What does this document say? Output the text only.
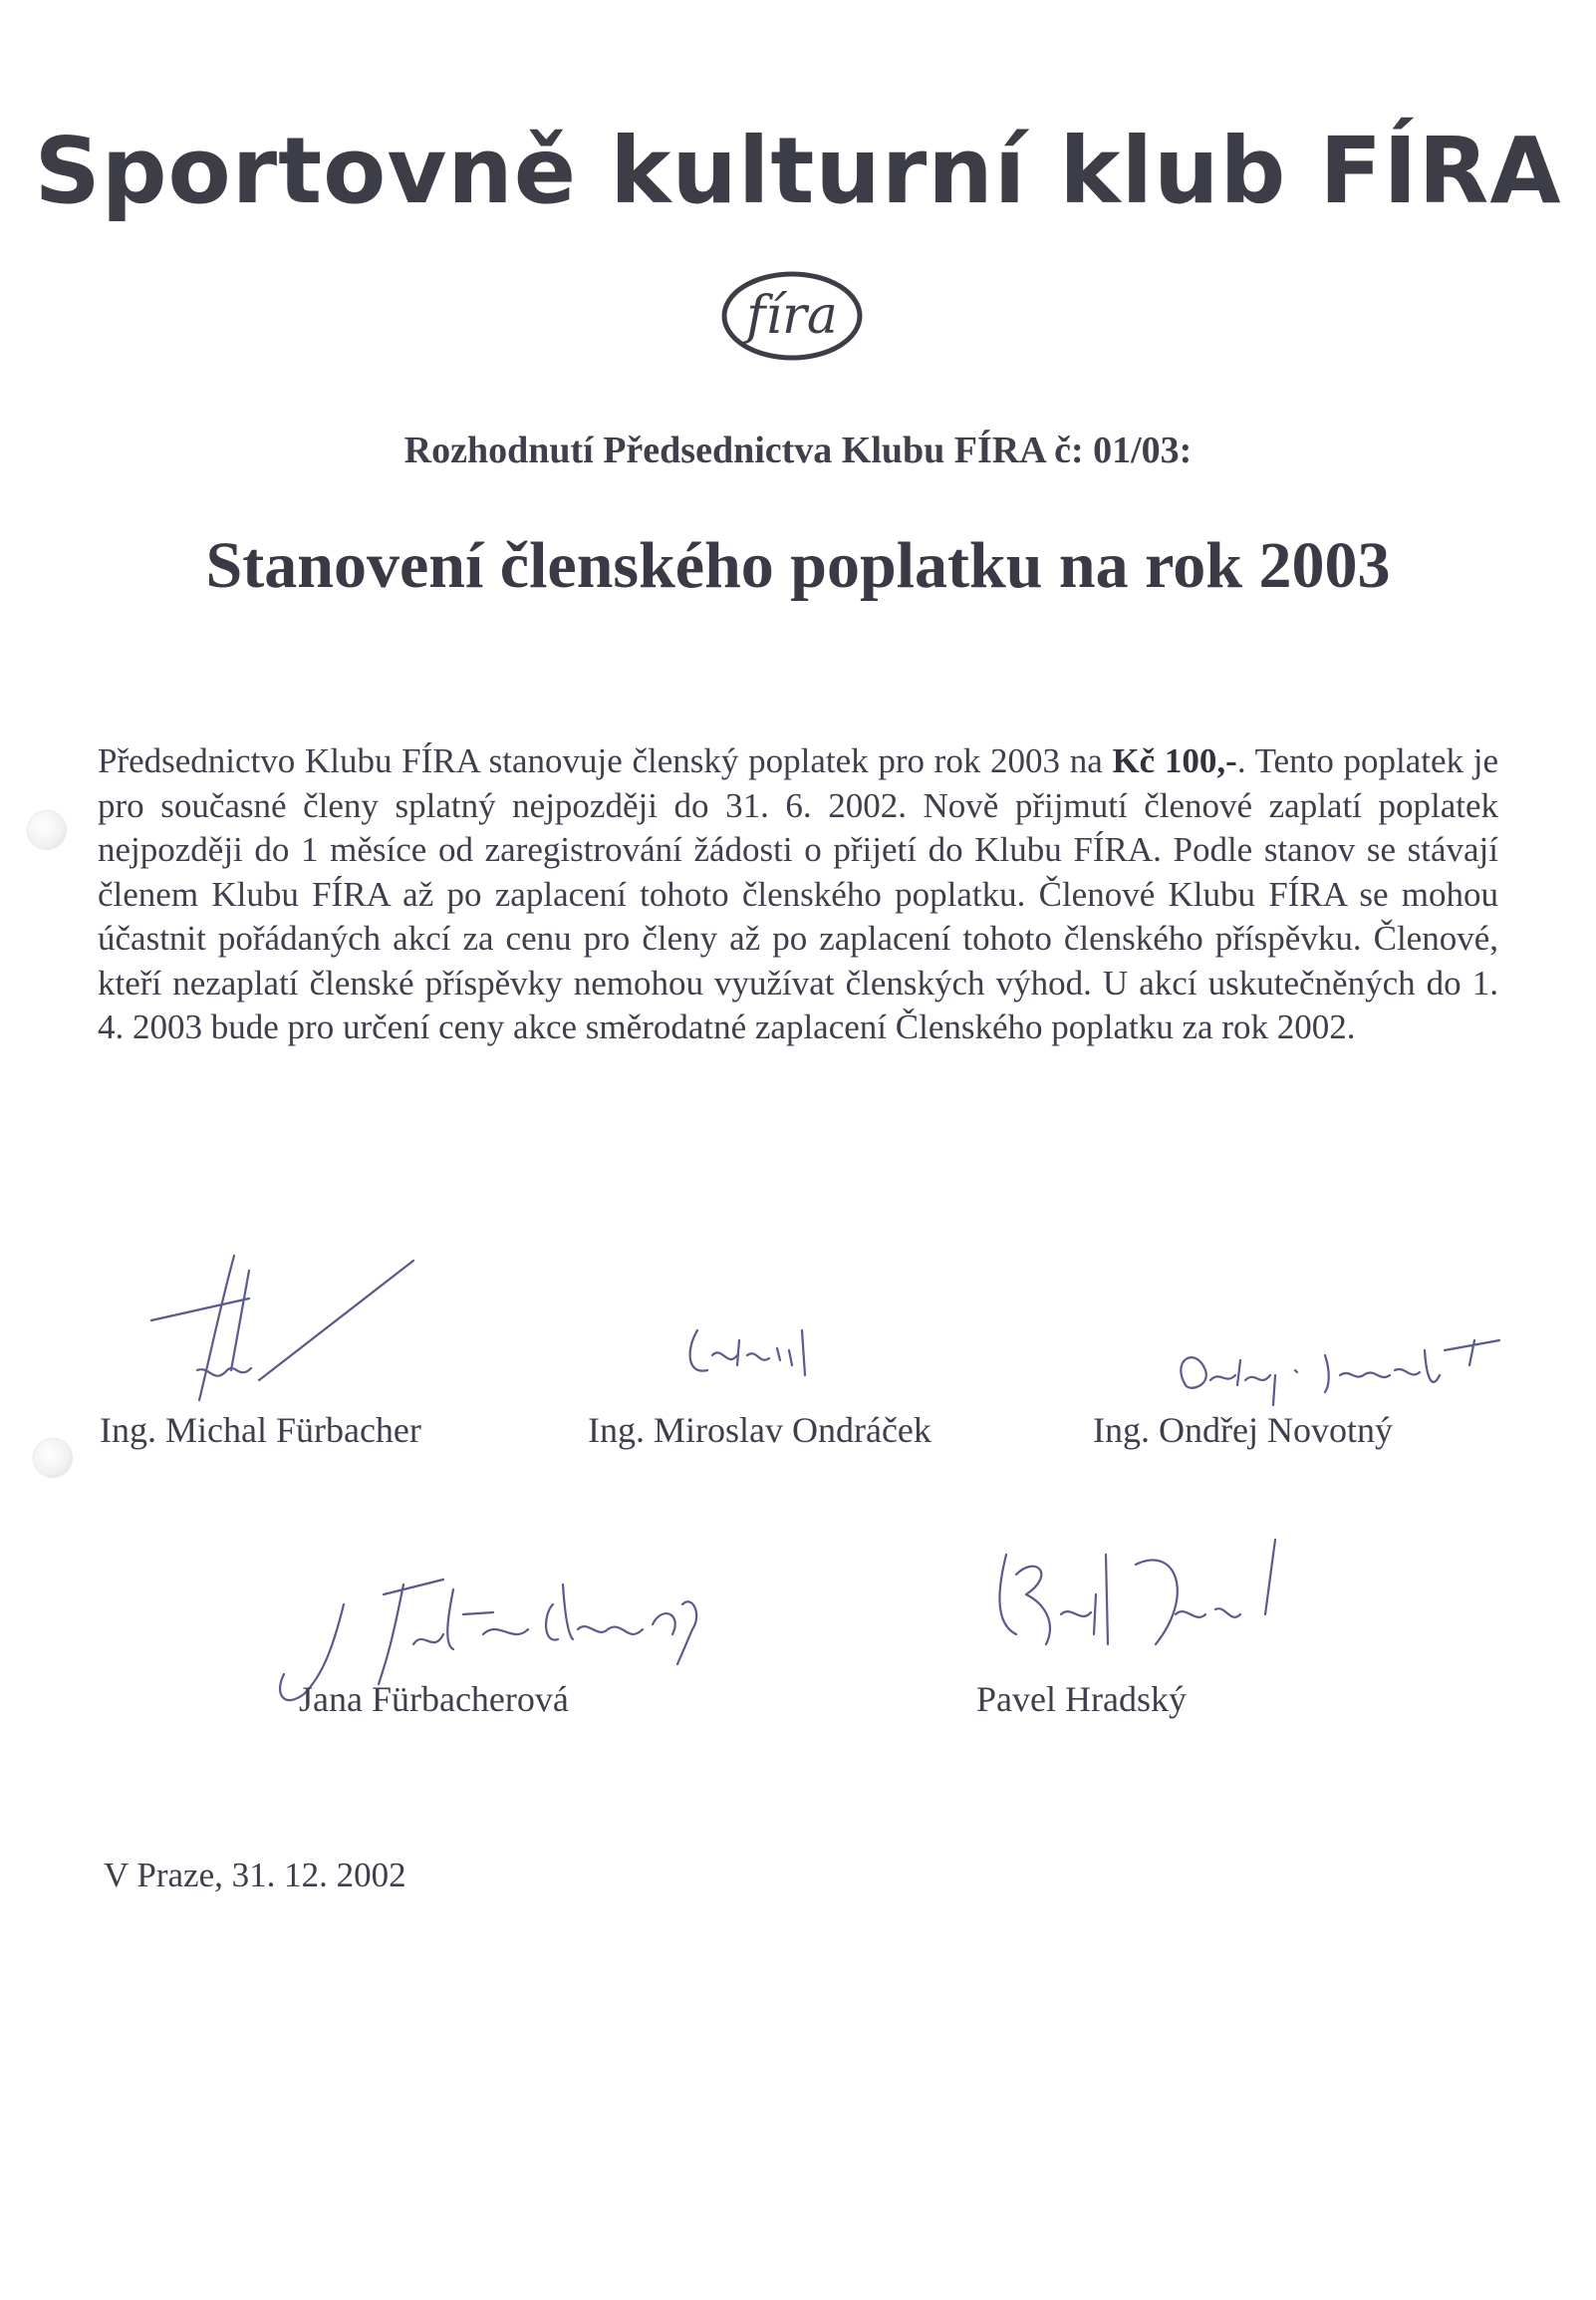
Sportovně kulturní klub FÍRA
fíra
Rozhodnutí Předsednictva Klubu FÍRA č: 01/03:
Stanovení členského poplatku na rok 2003
Předsednictvo Klubu FÍRA stanovuje členský poplatek pro rok 2003 na Kč 100,-. Tento poplatek je pro současné členy splatný nejpozději do 31. 6. 2002. Nově přijmutí členové zaplatí poplatek nejpozději do 1 měsíce od zaregistrování žádosti o přijetí do Klubu FÍRA. Podle stanov se stávají členem Klubu FÍRA až po zaplacení tohoto členského poplatku. Členové Klubu FÍRA se mohou účastnit pořádaných akcí za cenu pro členy až po zaplacení tohoto členského příspěvku. Členové, kteří nezaplatí členské příspěvky nemohou využívat členských výhod. U akcí uskutečněných do 1. 4. 2003 bude pro určení ceny akce směrodatné zaplacení Členského poplatku za rok 2002.
Ing. Michal Fürbacher	Ing. Miroslav Ondráček	Ing. Ondřej Novotný
Jana Fürbacherová	Pavel Hradský
V Praze, 31. 12. 2002
